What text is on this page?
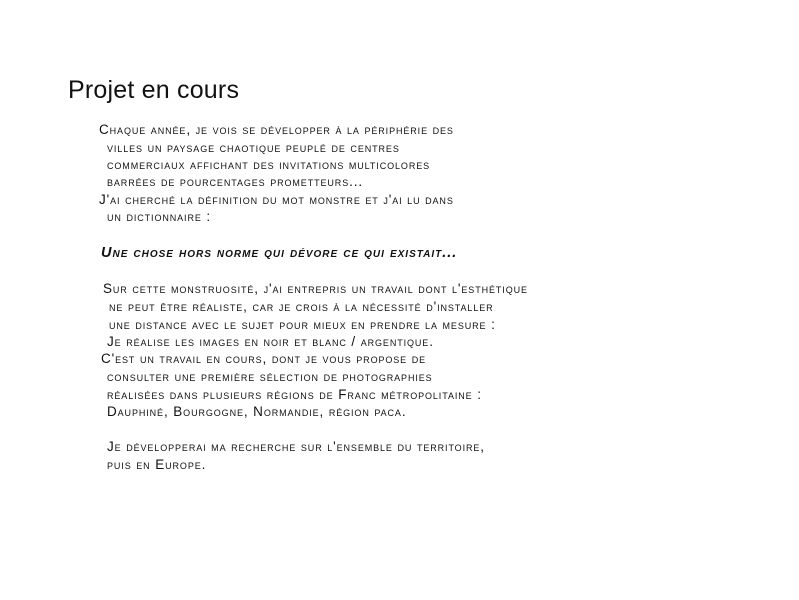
Projet en cours
Chaque année, je vois se développer à la périphérie des
villes un paysage chaotique peuplé de centres
commerciaux affichant des invitations multicolores
barrées de pourcentages prometteurs...
J'ai cherché la définition du mot monstre et j'ai lu dans
un dictionnaire :
Une chose hors norme qui dévore ce qui existait...
Sur cette monstruosité, j'ai entrepris un travail dont l'esthétique
ne peut être réaliste, car je crois à la nécessité d'installer
une distance avec le sujet pour mieux en prendre la mesure :
Je réalise les images en noir et blanc / argentique.
C'est un travail en cours, dont je vous propose de
consulter une première sélection de photographies
réalisées dans plusieurs régions de Franc métropolitaine :
Dauphiné, Bourgogne, Normandie, région paca.
Je développerai ma recherche sur l'ensemble du territoire,
puis en Europe.
